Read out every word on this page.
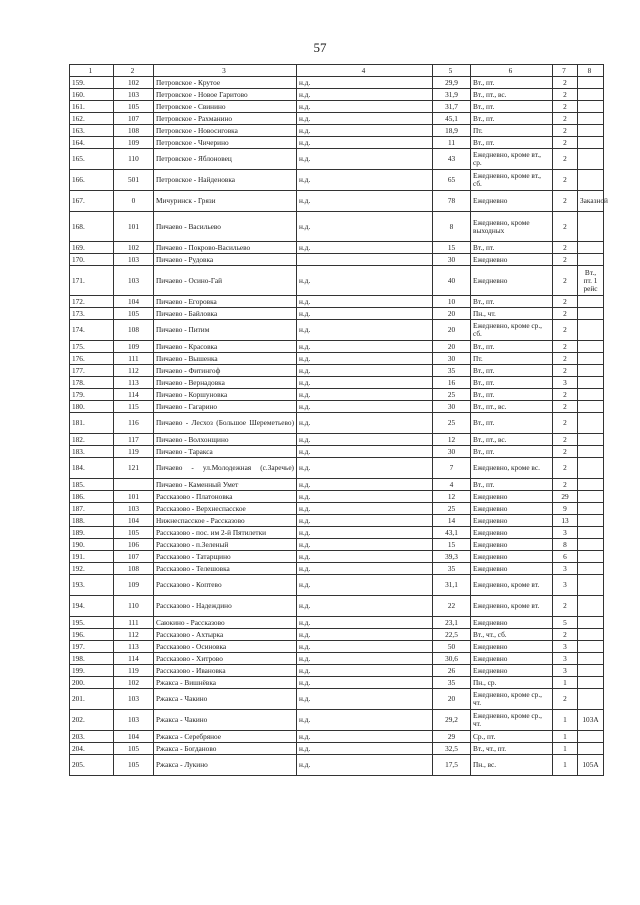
57
1	2	3	4	5	6	7	8
159.	102	Петровское - Крутое	н.д.	29,9	Вт., пт.	2	
160.	103	Петровское - Новое Гаритово	н.д.	31,9	Вт., пт., вс.	2	
161.	105	Петровское - Свинино	н.д.	31,7	Вт., пт.	2	
162.	107	Петровское - Рахманино	н.д.	45,1	Вт., пт.	2	
163.	108	Петровское - Новосиговка	н.д.	18,9	Пт.	2	
164.	109	Петровское - Чичерино	н.д.	11	Вт., пт.	2	
165.	110	Петровское - Яблоновец	н.д.	43	Ежедневно, кроме вт., ср.	2	
166.	501	Петровское - Найденовка	н.д.	65	Ежедневно, кроме вт., сб.	2	
167.	0	Мичуринск - Грязи	н.д.	78	Ежедневно	2	Заказной
168.	101	Пичаево - Васильево	н.д.	8	Ежедневно, кроме выходных	2	
169.	102	Пичаево - Покрово-Васильево	н.д.	15	Вт., пт.	2	
170.	103	Пичаево - Рудовка		30	Ежедневно	2	
171.	103	Пичаево - Осино-Гай	н.д.	40	Ежедневно	2	Вт., пт. 1 рейс
172.	104	Пичаево - Егоровка	н.д.	10	Вт., пт.	2	
173.	105	Пичаево - Байловка	н.д.	20	Пн., чт.	2	
174.	108	Пичаево - Питим	н.д.	20	Ежедневно, кроме ср., сб.	2	
175.	109	Пичаево - Красовка	н.д.	20	Вт., пт.	2	
176.	111	Пичаево - Вышенка	н.д.	30	Пт.	2	
177.	112	Пичаево - Фитингоф	н.д.	35	Вт., пт.	2	
178.	113	Пичаево - Вернадовка	н.д.	16	Вт., пт.	3	
179.	114	Пичаево - Коршуновка	н.д.	25	Вт., пт.	2	
180.	115	Пичаево - Гагарино	н.д.	30	Вт., пт., вс.	2	
181.	116	Пичаево - Лесхоз (Большое Шереметьево)	н.д.	25	Вт., пт.	2	
182.	117	Пичаево - Волхонщино	н.д.	12	Вт., пт., вс.	2	
183.	119	Пичаево - Таракса	н.д.	30	Вт., пт.	2	
184.	121	Пичаево - ул.Молодежная (с.Заречье)	н.д.	7	Ежедневно, кроме вс.	2	
185.		Пичаево - Каменный Умет	н.д.	4	Вт., пт.	2	
186.	101	Рассказово - Платоновка	н.д.	12	Ежедневно	29	
187.	103	Рассказово - Верхнеспасское	н.д.	25	Ежедневно	9	
188.	104	Нижнеспасское - Рассказово	н.д.	14	Ежедневно	13	
189.	105	Рассказово - пос. им 2-й Пятилетки	н.д.	43,1	Ежедневно	3	
190.	106	Рассказово - п.Зеленый	н.д.	15	Ежедневно	8	
191.	107	Рассказово - Татарщино	н.д.	39,3	Ежедневно	6	
192.	108	Рассказово - Телешовка	н.д.	35	Ежедневно	3	
193.	109	Рассказово - Коптево	н.д.	31,1	Ежедневно, кроме вт.	3	
194.	110	Рассказово - Надеждино	н.д.	22	Ежедневно, кроме вт.	2	
195.	111	Саюкино - Рассказово	н.д.	23,1	Ежедневно	5	
196.	112	Рассказово - Ахтырка	н.д.	22,5	Вт., чт., сб.	2	
197.	113	Рассказово - Осиновка	н.д.	50	Ежедневно	3	
198.	114	Рассказово - Хитрово	н.д.	30,6	Ежедневно	3	
199.	119	Рассказово - Ивановка	н.д.	26	Ежедневно	3	
200.	102	Ржакса - Вишнёвка	н.д.	35	Пн., ср.	1	
201.	103	Ржакса - Чакино	н.д.	20	Ежедневно, кроме ср., чт.	2	
202.	103	Ржакса - Чакино	н.д.	29,2	Ежедневно, кроме ср., чт.	1	103А
203.	104	Ржакса - Серебряное	н.д.	29	Ср., пт.	1	
204.	105	Ржакса - Богданово	н.д.	32,5	Вт., чт., пт.	1	
205.	105	Ржакса - Лукино	н.д.	17,5	Пн., вс.	1	105А
